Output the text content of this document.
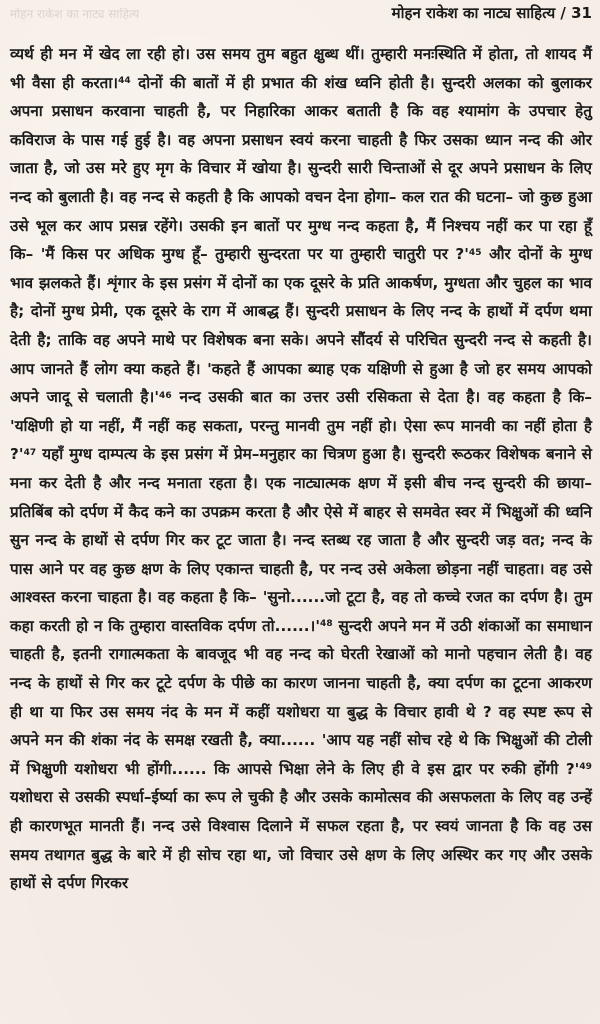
मोहन राकेश का नाट्य साहित्य	मोहन राकेश का नाट्य साहित्य / 31
व्यर्थ ही मन में खेद ला रही हो। उस समय तुम बहुत क्षुब्ध थीं। तुम्हारी मनःस्थिति में होता, तो शायद मैं भी वैसा ही करता।$^{44}$ दोनों की बातों में ही प्रभात की शंख ध्वनि होती है। सुन्दरी अलका को बुलाकर अपना प्रसाधन करवाना चाहती है, पर निहारिका आकर बताती है कि वह श्यामांग के उपचार हेतु कविराज के पास गई हुई है। वह अपना प्रसाधन स्वयं करना चाहती है फिर उसका ध्यान नन्द की ओर जाता है, जो उस मरे हुए मृग के विचार में खोया है। सुन्दरी सारी चिन्ताओं से दूर अपने प्रसाधन के लिए नन्द को बुलाती है। वह नन्द से कहती है कि आपको वचन देना होगा– कल रात की घटना– जो कुछ हुआ उसे भूल कर आप प्रसन्न रहेंगे। उसकी इन बातों पर मुग्ध नन्द कहता है, मैं निश्चय नहीं कर पा रहा हूँ कि– 'मैं किस पर अधिक मुग्ध हूँ– तुम्हारी सुन्दरता पर या तुम्हारी चातुरी पर $?'^{45}$ और दोनों के मुग्ध भाव झलकते हैं। शृंगार के इस प्रसंग में दोनों का एक दूसरे के प्रति आकर्षण, मुग्धता और चुहल का भाव है; दोनों मुग्ध प्रेमी, एक दूसरे के राग में आबद्ध हैं। सुन्दरी प्रसाधन के लिए नन्द के हाथों में दर्पण थमा देती है; ताकि वह अपने माथे पर विशेषक बना सके। अपने सौंदर्य से परिचित सुन्दरी नन्द से कहती है। आप जानते हैं लोग क्या कहते हैं। 'कहते हैं आपका ब्याह एक यक्षिणी से हुआ है जो हर समय आपको अपने जादू से चलाती $है।'^{46}$ नन्द उसकी बात का उत्तर उसी रसिकता से देता है। वह कहता है कि– 'यक्षिणी हो या नहीं, मैं नहीं कह सकता, परन्तु मानवी तुम नहीं हो। ऐसा रूप मानवी का नहीं होता है $?'^{47}$ यहाँ मुग्ध दाम्पत्य के इस प्रसंग में प्रेम–मनुहार का चित्रण हुआ है। सुन्दरी रूठकर विशेषक बनाने से मना कर देती है और नन्द मनाता रहता है। एक नाट्यात्मक क्षण में इसी बीच नन्द सुन्दरी की छाया–प्रतिबिंब को दर्पण में कैद कने का उपक्रम करता है और ऐसे में बाहर से समवेत स्वर में भिक्षुओं की ध्वनि सुन नन्द के हाथों से दर्पण गिर कर टूट जाता है। नन्द स्तब्ध रह जाता है और सुन्दरी जड़ वत; नन्द के पास आने पर वह कुछ क्षण के लिए एकान्त चाहती है, पर नन्द उसे अकेला छोड़ना नहीं चाहता। वह उसे आश्वस्त करना चाहता है। वह कहता है कि– 'सुनो......जो टूटा है, वह तो कच्चे रजत का दर्पण है। तुम कहा करती हो न कि तुम्हारा वास्तविक दर्पण $तो......।'^{48}$ सुन्दरी अपने मन में उठी शंकाओं का समाधान चाहती है, इतनी रागात्मकता के बावजूद भी वह नन्द को घेरती रेखाओं को मानो पहचान लेती है। वह नन्द के हाथों से गिर कर टूटे दर्पण के पीछे का कारण जानना चाहती है, क्या दर्पण का टूटना आकरण ही था या फिर उस समय नंद के मन में कहीं यशोधरा या बुद्ध के विचार हावी थे ? वह स्पष्ट रूप से अपने मन की शंका नंद के समक्ष रखती है, क्या...... 'आप यह नहीं सोच रहे थे कि भिक्षुओं की टोली में भिक्षुणी यशोधरा भी होंगी...... कि आपसे भिक्षा लेने के लिए ही वे इस द्वार पर रुकी होंगी $?'^{49}$ यशोधरा से उसकी स्पर्धा–ईर्ष्या का रूप ले चुकी है और उसके कामोत्सव की असफलता के लिए वह उन्हें ही कारणभूत मानती हैं। नन्द उसे विश्वास दिलाने में सफल रहता है, पर स्वयं जानता है कि वह उस समय तथागत बुद्ध के बारे में ही सोच रहा था, जो विचार उसे क्षण के लिए अस्थिर कर गए और उसके हाथों से दर्पण गिरकर
